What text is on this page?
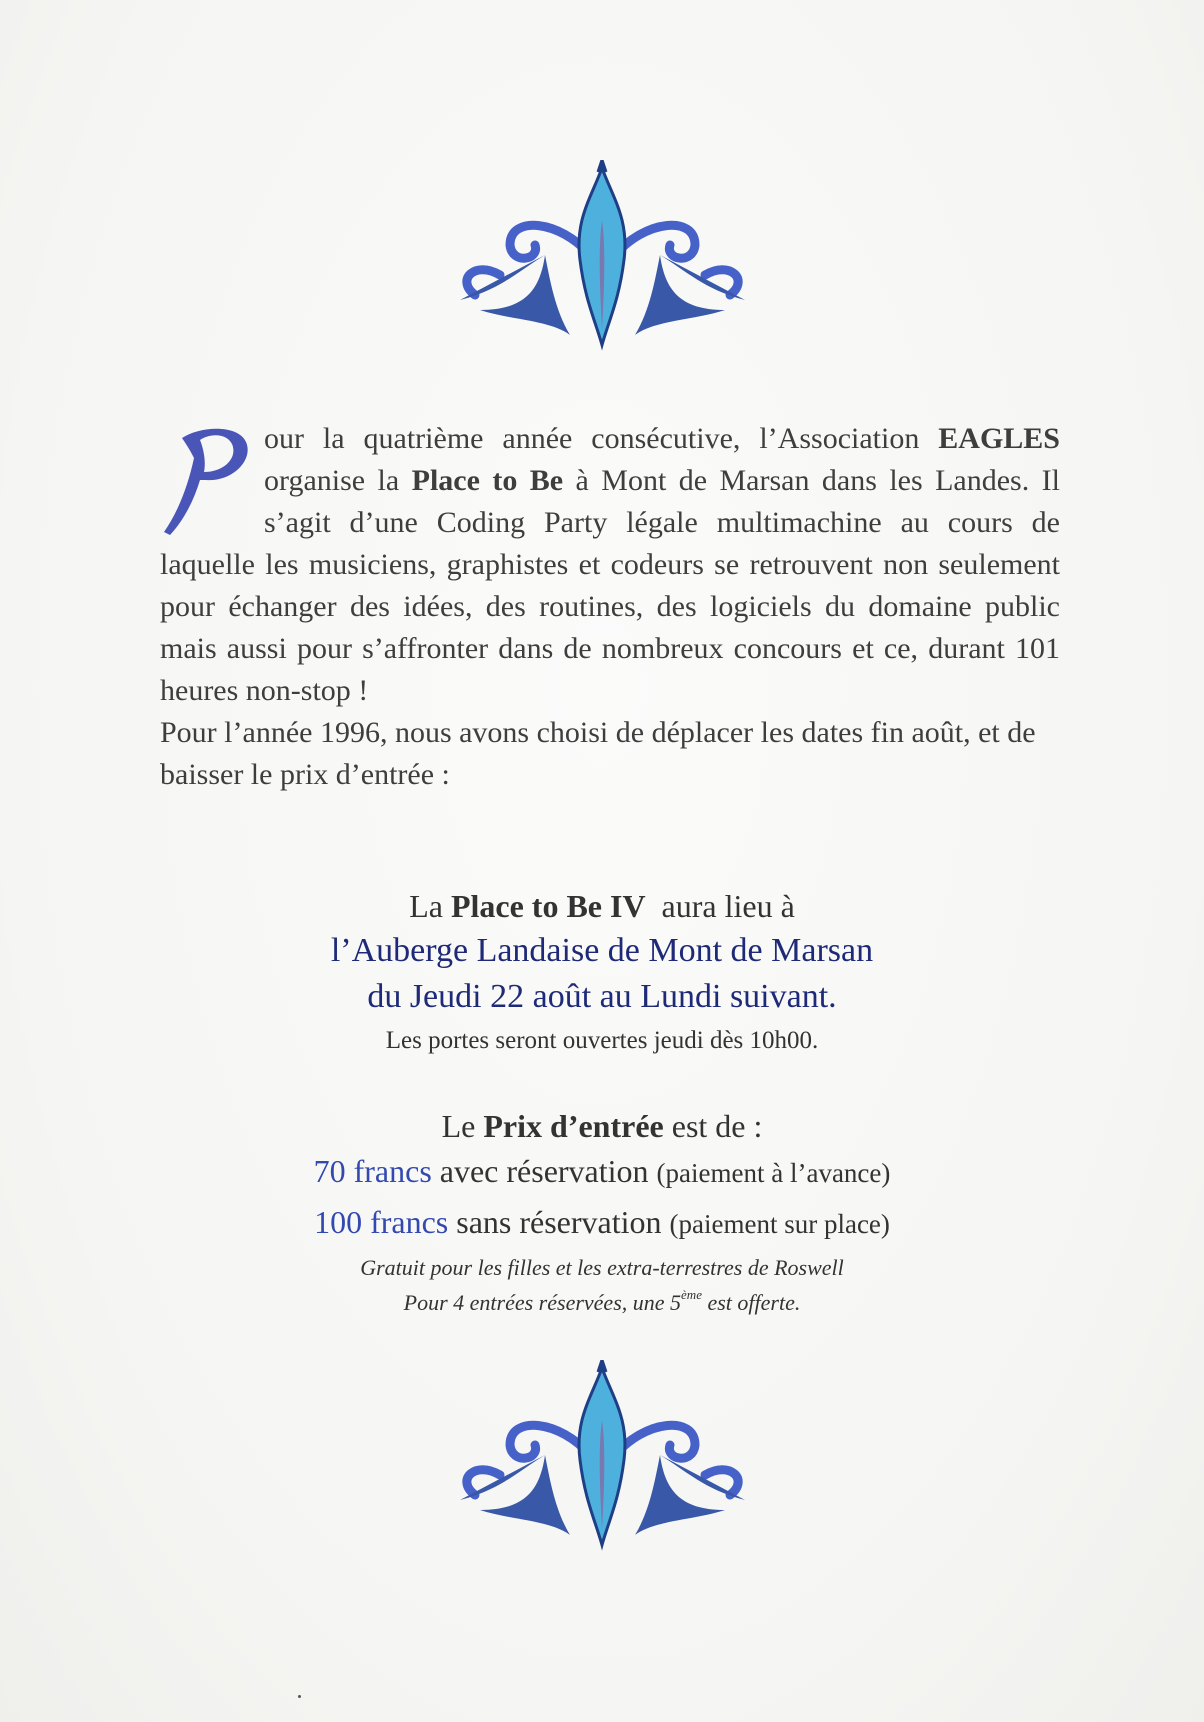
our la quatrième année consécutive, l’Association EAGLES organise la Place to Be à Mont de Marsan dans les Landes. Il s’agit d’une Coding Party légale multimachine au cours de laquelle les musiciens, graphistes et codeurs se retrouvent non seulement pour échanger des idées, des routines, des logiciels du domaine public mais aussi pour s’affronter dans de nombreux concours et ce, durant 101 heures non-stop !

Pour l’année 1996, nous avons choisi de déplacer les dates fin août, et de baisser le prix d’entrée :

La Place to Be IV aura lieu à
l’Auberge Landaise de Mont de Marsan
du Jeudi 22 août au Lundi suivant.
Les portes seront ouvertes jeudi dès 10h00.
Le Prix d’entrée est de :
70 francs avec réservation (paiement à l’avance)
100 francs sans réservation (paiement sur place)
Gratuit pour les filles et les extra-terrestres de Roswell
Pour 4 entrées réservées, une 5ème est offerte.
